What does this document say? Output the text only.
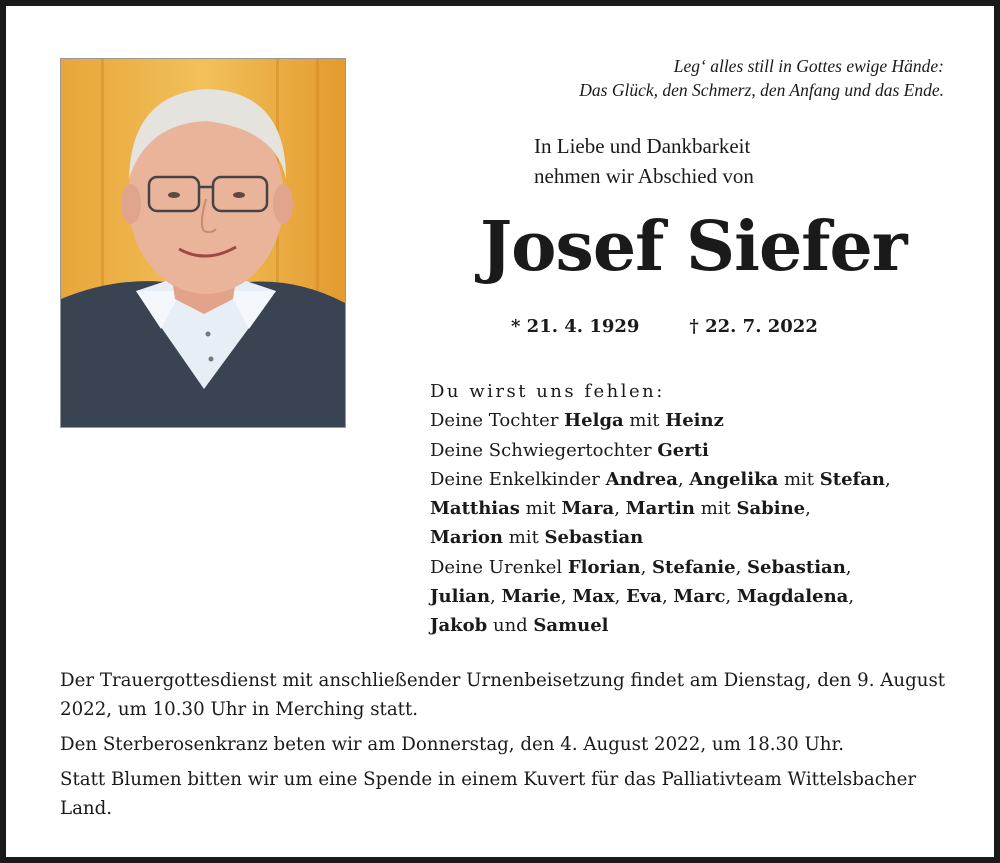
Leg‘ alles still in Gottes ewige Hände:
Das Glück, den Schmerz, den Anfang und das Ende.
In Liebe und Dankbarkeit
nehmen wir Abschied von
Josef Siefer
* 21. 4. 1929	† 22. 7. 2022
Du wirst uns fehlen:
Deine Tochter Helga mit Heinz
Deine Schwiegertochter Gerti
Deine Enkelkinder Andrea, Angelika mit Stefan,
Matthias mit Mara, Martin mit Sabine,
Marion mit Sebastian
Deine Urenkel Florian, Stefanie, Sebastian,
Julian, Marie, Max, Eva, Marc, Magdalena,
Jakob und Samuel

Der Trauergottesdienst mit anschließender Urnenbeisetzung findet am Dienstag, den 9. August 2022, um 10.30 Uhr in Merching statt.

Den Sterberosenkranz beten wir am Donnerstag, den 4. August 2022, um 18.30 Uhr.

Statt Blumen bitten wir um eine Spende in einem Kuvert für das Palliativteam Wittelsbacher Land.
